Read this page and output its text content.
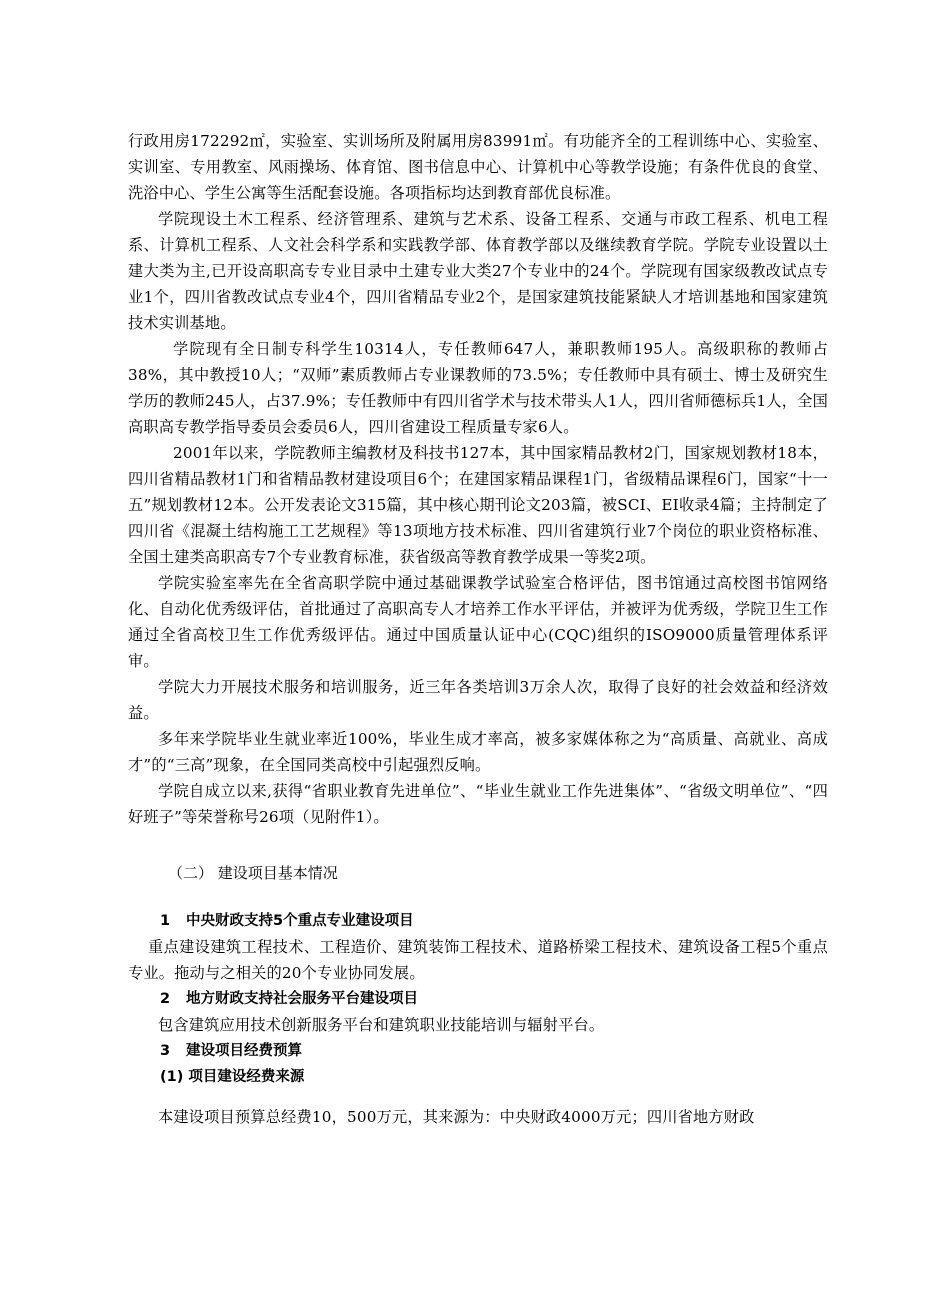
行政用房172292㎡，实验室、实训场所及附属用房83991㎡。有功能齐全的工程训练中心、实验室、实训室、专用教室、风雨操场、体育馆、图书信息中心、计算机中心等教学设施；有条件优良的食堂、洗浴中心、学生公寓等生活配套设施。各项指标均达到教育部优良标准。

学院现设土木工程系、经济管理系、建筑与艺术系、设备工程系、交通与市政工程系、机电工程系、计算机工程系、人文社会科学系和实践教学部、体育教学部以及继续教育学院。学院专业设置以土建大类为主,已开设高职高专专业目录中土建专业大类27个专业中的24个。学院现有国家级教改试点专业1个，四川省教改试点专业4个，四川省精品专业2个，是国家建筑技能紧缺人才培训基地和国家建筑技术实训基地。

学院现有全日制专科学生10314人，专任教师647人，兼职教师195人。高级职称的教师占38%，其中教授10人；“双师”素质教师占专业课教师的73.5%；专任教师中具有硕士、博士及研究生学历的教师245人，占37.9%；专任教师中有四川省学术与技术带头人1人，四川省师德标兵1人，全国高职高专教学指导委员会委员6人，四川省建设工程质量专家6人。

2001年以来，学院教师主编教材及科技书127本，其中国家精品教材2门，国家规划教材18本，四川省精品教材1门和省精品教材建设项目6个；在建国家精品课程1门，省级精品课程6门，国家“十一五”规划教材12本。公开发表论文315篇，其中核心期刊论文203篇，被SCI、EI收录4篇；主持制定了四川省《混凝土结构施工工艺规程》等13项地方技术标准、四川省建筑行业7个岗位的职业资格标准、全国土建类高职高专7个专业教育标准，获省级高等教育教学成果一等奖2项。

学院实验室率先在全省高职学院中通过基础课教学试验室合格评估，图书馆通过高校图书馆网络化、自动化优秀级评估，首批通过了高职高专人才培养工作水平评估，并被评为优秀级，学院卫生工作通过全省高校卫生工作优秀级评估。通过中国质量认证中心(CQC)组织的ISO9000质量管理体系评审。

学院大力开展技术服务和培训服务，近三年各类培训3万余人次，取得了良好的社会效益和经济效益。

多年来学院毕业生就业率近100%，毕业生成才率高，被多家媒体称之为“高质量、高就业、高成才”的“三高”现象，在全国同类高校中引起强烈反响。

学院自成立以来,获得“省职业教育先进单位”、“毕业生就业工作先进集体”、“省级文明单位”、“四好班子”等荣誉称号26项（见附件1）。

（二） 建设项目基本情况

1 中央财政支持5个重点专业建设项目

重点建设建筑工程技术、工程造价、建筑装饰工程技术、道路桥梁工程技术、建筑设备工程5个重点专业。拖动与之相关的20个专业协同发展。

2 地方财政支持社会服务平台建设项目

包含建筑应用技术创新服务平台和建筑职业技能培训与辐射平台。

3 建设项目经费预算

(1) 项目建设经费来源

本建设项目预算总经费10，500万元，其来源为：中央财政4000万元；四川省地方财政
